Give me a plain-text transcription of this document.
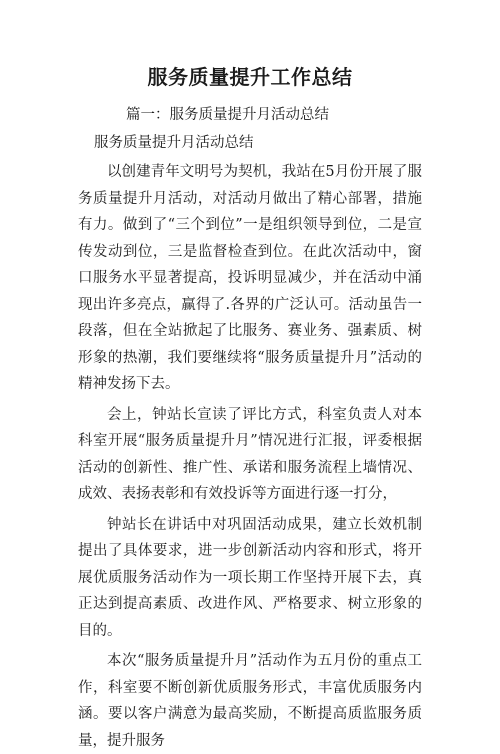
服务质量提升工作总结

篇一：服务质量提升月活动总结

服务质量提升月活动总结

以创建青年文明号为契机，我站在5月份开展了服务质量提升月活动，对活动月做出了精心部署，措施有力。做到了“三个到位”一是组织领导到位，二是宣传发动到位，三是监督检查到位。在此次活动中，窗口服务水平显著提高，投诉明显减少，并在活动中涌现出许多亮点，赢得了.各界的广泛认可。活动虽告一段落，但在全站掀起了比服务、赛业务、强素质、树形象的热潮，我们要继续将“服务质量提升月”活动的精神发扬下去。

会上，钟站长宣读了评比方式，科室负责人对本科室开展“服务质量提升月”情况进行汇报，评委根据活动的创新性、推广性、承诺和服务流程上墙情况、成效、表扬表彰和有效投诉等方面进行逐一打分，

钟站长在讲话中对巩固活动成果，建立长效机制提出了具体要求，进一步创新活动内容和形式，将开展优质服务活动作为一项长期工作坚持开展下去，真正达到提高素质、改进作风、严格要求、树立形象的目的。

本次“服务质量提升月”活动作为五月份的重点工作，科室要不断创新优质服务形式，丰富优质服务内涵。要以客户满意为最高奖励，不断提高质监服务质量，提升服务
